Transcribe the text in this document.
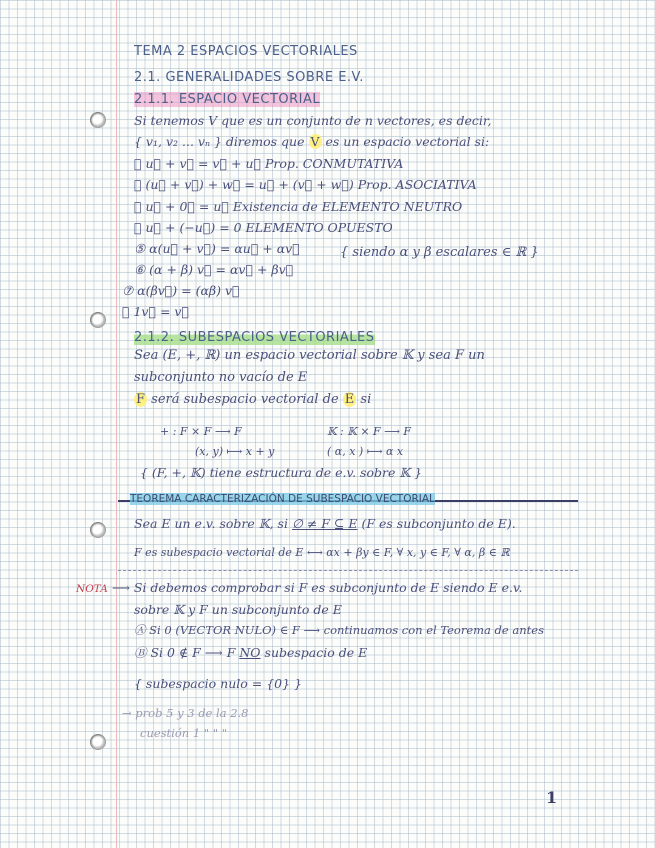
TEMA 2 ESPACIOS VECTORIALES
2.1. GENERALIDADES SOBRE E.V.
2.1.1. ESPACIO VECTORIAL
Si tenemos V que es un conjunto de n vectores, es decir,
{ v₁, v₂ ... vₙ } diremos que V es un espacio vectorial si:
① u⃗ + v⃗ = v⃗ + u⃗ Prop. CONMUTATIVA
② (u⃗ + v⃗) + w⃗ = u⃗ + (v⃗ + w⃗) Prop. ASOCIATIVA
③ u⃗ + 0⃗ = u⃗ Existencia de ELEMENTO NEUTRO
④ u⃗ + (−u⃗) = 0 ELEMENTO OPUESTO
⑤ α(u⃗ + v⃗) = αu⃗ + αv⃗	{ siendo α y β escalares ∈ ℝ }
⑥ (α + β) v⃗ = αv⃗ + βv⃗
⑦ α(βv⃗) = (αβ) v⃗
⑧ 1v⃗ = v⃗
2.1.2. SUBESPACIOS VECTORIALES
Sea (E, +, ℝ) un espacio vectorial sobre 𝕂 y sea F un
subconjunto no vacío de E
F será subespacio vectorial de E si
+ : F × F ⟶ F
(x, y) ⟼ x + y
𝕂 : 𝕂 × F ⟶ F
( α, x ) ⟼ α x
{ (F, +, 𝕂) tiene estructura de e.v. sobre 𝕂 }
TEOREMA CARACTERIZACIÓN DE SUBESPACIO VECTORIAL
Sea E un e.v. sobre 𝕂, si ∅ ≠ F ⊆ E (F es subconjunto de E).
F es subespacio vectorial de E ⟷ αx + βy ∈ F, ∀ x, y ∈ F, ∀ α, β ∈ ℝ
NOTA ⟶ Si debemos comprobar si F es subconjunto de E siendo E e.v.
sobre 𝕂 y F un subconjunto de E
Ⓐ Si 0 (VECTOR NULO) ∈ F ⟶ continuamos con el Teorema de antes
Ⓑ Si 0 ∉ F ⟶ F NO subespacio de E
{ subespacio nulo = {0} }
→ prob 5 y 3 de la 2.8
cuestión 1 " " "
1
